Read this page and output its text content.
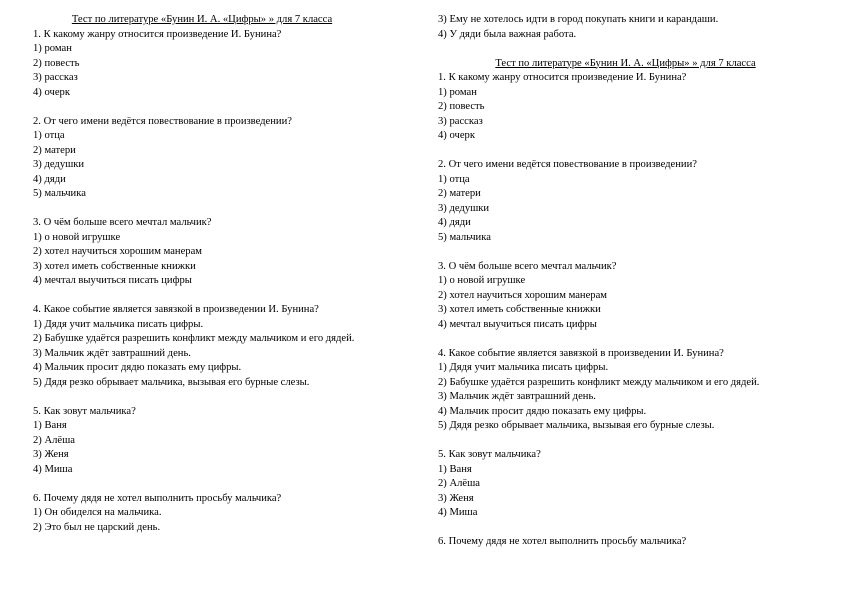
Тест по литературе «Бунин И. А. «Цифры» » для 7 класса
1. К какому жанру относится произведение И. Бунина?
1) роман
2) повесть
3) рассказ
4) очерк
2. От чего имени ведётся повествование в произведении?
1) отца
2) матери
3) дедушки
4) дяди
5) мальчика
3. О чём больше всего мечтал мальчик?
1) о новой игрушке
2) хотел научиться хорошим манерам
3) хотел иметь собственные книжки
4) мечтал выучиться писать цифры
4. Какое событие является завязкой в произведении И. Бунина?
1) Дядя учит мальчика писать цифры.
2) Бабушке удаётся разрешить конфликт между мальчиком и его дядей.
3) Мальчик ждёт завтрашний день.
4) Мальчик просит дядю показать ему цифры.
5) Дядя резко обрывает мальчика, вызывая его бурные слезы.
5. Как зовут мальчика?
1) Ваня
2) Алёша
3) Женя
4) Миша
6. Почему дядя не хотел выполнить просьбу мальчика?
1) Он обиделся на мальчика.
2) Это был не царский день.
3) Ему не хотелось идти в город покупать книги и карандаши.
4) У дяди была важная работа.
Тест по литературе «Бунин И. А. «Цифры» » для 7 класса
1. К какому жанру относится произведение И. Бунина?
1) роман
2) повесть
3) рассказ
4) очерк
2. От чего имени ведётся повествование в произведении?
1) отца
2) матери
3) дедушки
4) дяди
5) мальчика
3. О чём больше всего мечтал мальчик?
1) о новой игрушке
2) хотел научиться хорошим манерам
3) хотел иметь собственные книжки
4) мечтал выучиться писать цифры
4. Какое событие является завязкой в произведении И. Бунина?
1) Дядя учит мальчика писать цифры.
2) Бабушке удаётся разрешить конфликт между мальчиком и его дядей.
3) Мальчик ждёт завтрашний день.
4) Мальчик просит дядю показать ему цифры.
5) Дядя резко обрывает мальчика, вызывая его бурные слезы.
5. Как зовут мальчика?
1) Ваня
2) Алёша
3) Женя
4) Миша
6. Почему дядя не хотел выполнить просьбу мальчика?
